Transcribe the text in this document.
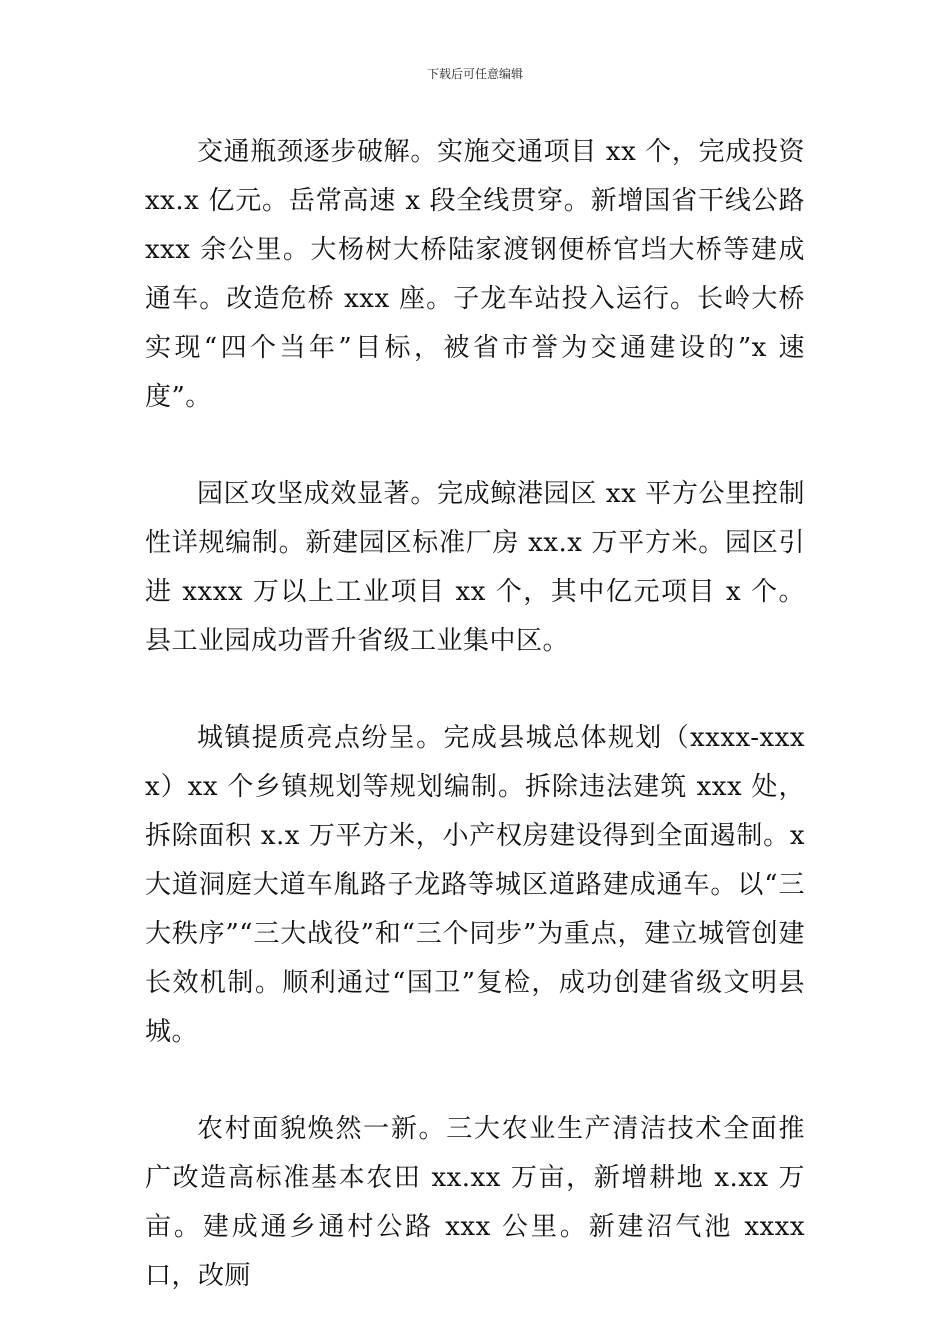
下载后可任意编辑

交通瓶颈逐步破解。实施交通项目 xx 个，完成投资 xx.x 亿元。岳常高速 x 段全线贯穿。新增国省干线公路 xxx 余公里。大杨树大桥陆家渡钢便桥官垱大桥等建成通车。改造危桥 xxx 座。子龙车站投入运行。长岭大桥实现“四个当年”目标，被省市誉为交通建设的”x 速度”。

园区攻坚成效显著。完成鲸港园区 xx 平方公里控制性详规编制。新建园区标准厂房 xx.x 万平方米。园区引进 xxxx 万以上工业项目 xx 个，其中亿元项目 x 个。县工业园成功晋升省级工业集中区。

城镇提质亮点纷呈。完成县城总体规划（xxxx-xxxx）xx 个乡镇规划等规划编制。拆除违法建筑 xxx 处，拆除面积 x.x 万平方米，小产权房建设得到全面遏制。x 大道洞庭大道车胤路子龙路等城区道路建成通车。以“三大秩序”“三大战役”和“三个同步”为重点，建立城管创建长效机制。顺利通过“国卫”复检，成功创建省级文明县城。

农村面貌焕然一新。三大农业生产清洁技术全面推广改造高标准基本农田 xx.xx 万亩，新增耕地 x.xx 万亩。建成通乡通村公路 xxx 公里。新建沼气池 xxxx 口，改厕
